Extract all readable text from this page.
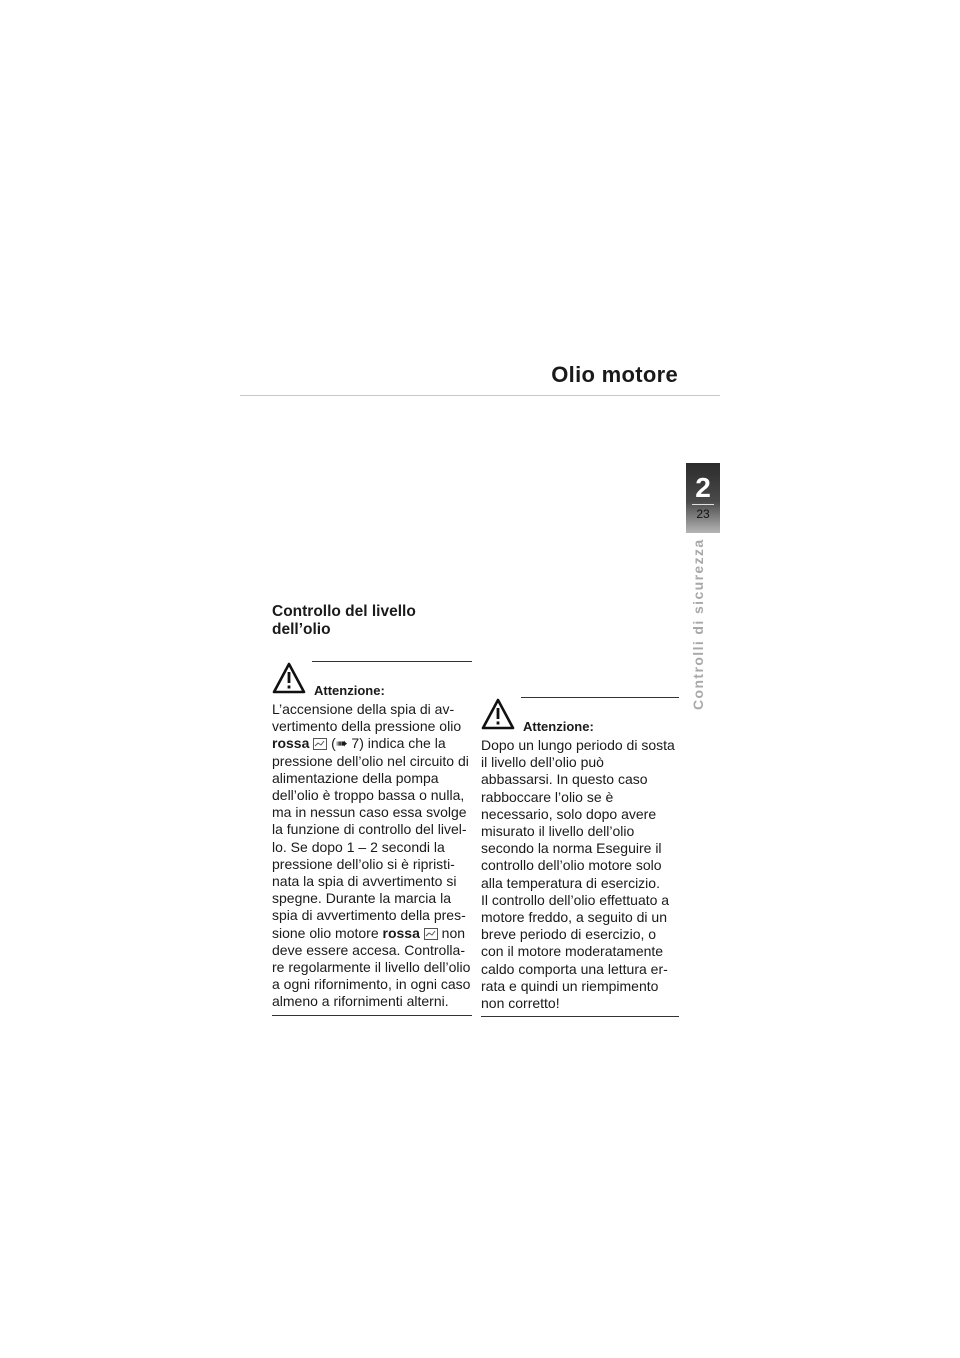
Olio motore
2
23
Controlli di sicurezza
Controllo del livello
dell’olio
Attenzione:

L’accensione della spia di av-vertimento della pressione olio
rossa (➠ 7) indica che la pressione dell’olio nel circuito di alimentazione della pompa dell’olio è troppo bassa o nulla, ma in nessun caso essa svolge la funzione di controllo del livel-lo. Se dopo 1 – 2 secondi la pressione dell’olio si è ripristi-nata la spia di avvertimento si spegne. Durante la marcia la spia di avvertimento della pres-sione olio motore rossa non deve essere accesa. Controlla-re regolarmente il livello dell’olio a ogni rifornimento, in ogni caso almeno a rifornimenti alterni.

Attenzione:

Dopo un lungo periodo di sosta il livello dell’olio può abbassarsi. In questo caso rabboccare l’olio se è necessario, solo dopo avere misurato il livello dell’olio secondo la norma Eseguire il controllo dell’olio motore solo alla temperatura di esercizio.

Il controllo dell’olio effettuato a motore freddo, a seguito di un breve periodo di esercizio, o con il motore moderatamente caldo comporta una lettura er-rata e quindi un riempimento non corretto!
